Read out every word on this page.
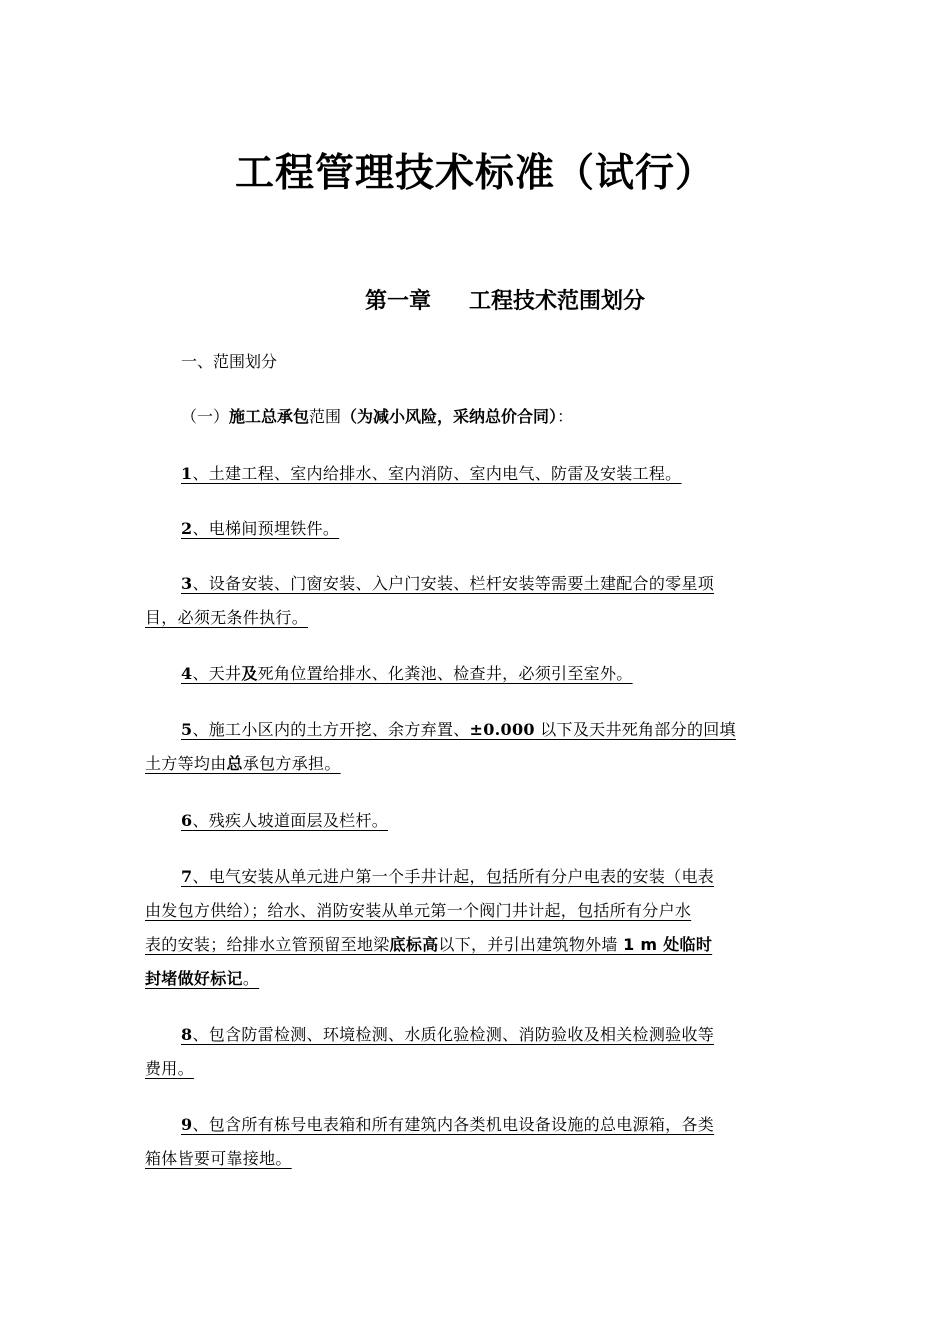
工程管理技术标准（试行）
第一章 工程技术范围划分

一、范围划分

（一）施工总承包范围（为减小风险，采纳总价合同）：

1、土建工程、室内给排水、室内消防、室内电气、防雷及安装工程。

2、电梯间预埋铁件。

3、设备安装、门窗安装、入户门安装、栏杆安装等需要土建配合的零星项

目，必须无条件执行。

4、天井及死角位置给排水、化粪池、检查井，必须引至室外。

5、施工小区内的土方开挖、余方弃置、±0.000 以下及天井死角部分的回填

土方等均由总承包方承担。

6、残疾人坡道面层及栏杆。

7、电气安装从单元进户第一个手井计起，包括所有分户电表的安装（电表

由发包方供给）；给水、消防安装从单元第一个阀门井计起，包括所有分户水

表的安装；给排水立管预留至地梁底标高以下，并引出建筑物外墙 1 m 处临时

封堵做好标记。

8、包含防雷检测、环境检测、水质化验检测、消防验收及相关检测验收等

费用。

9、包含所有栋号电表箱和所有建筑内各类机电设备设施的总电源箱，各类

箱体皆要可靠接地。
